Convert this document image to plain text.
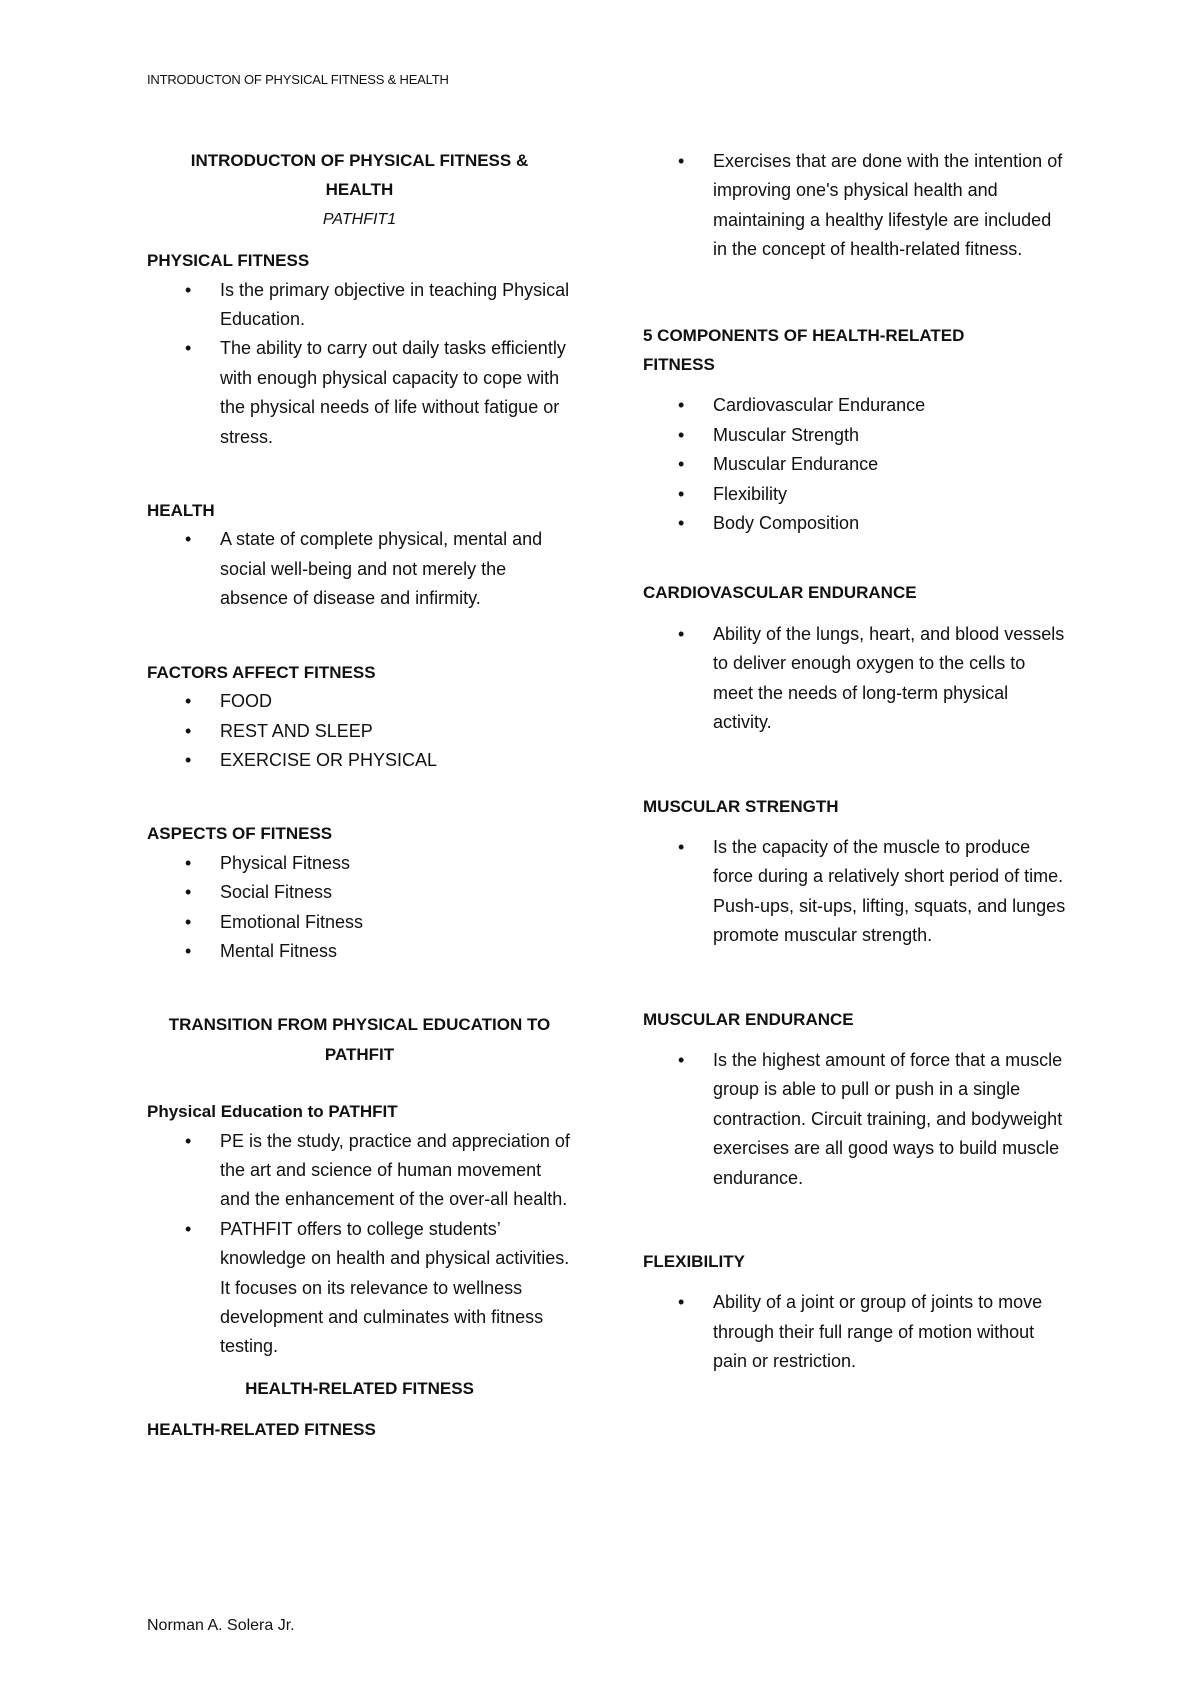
INTRODUCTON OF PHYSICAL FITNESS & HEALTH
INTRODUCTON OF PHYSICAL FITNESS &
HEALTH
PATHFIT1
PHYSICAL FITNESS
• Is the primary objective in teaching Physical Education.
• The ability to carry out daily tasks efficiently with enough physical capacity to cope with the physical needs of life without fatigue or stress.
HEALTH
• A state of complete physical, mental and social well-being and not merely the absence of disease and infirmity.
FACTORS AFFECT FITNESS
• FOOD
• REST AND SLEEP
• EXERCISE OR PHYSICAL
ASPECTS OF FITNESS
• Physical Fitness
• Social Fitness
• Emotional Fitness
• Mental Fitness
TRANSITION FROM PHYSICAL EDUCATION TO
PATHFIT
Physical Education to PATHFIT
• PE is the study, practice and appreciation of the art and science of human movement and the enhancement of the over-all health.
• PATHFIT offers to college students’ knowledge on health and physical activities. It focuses on its relevance to wellness development and culminates with fitness testing.
HEALTH-RELATED FITNESS
HEALTH-RELATED FITNESS
• Exercises that are done with the intention of improving one's physical health and maintaining a healthy lifestyle are included in the concept of health-related fitness.
5 COMPONENTS OF HEALTH-RELATED
FITNESS
• Cardiovascular Endurance
• Muscular Strength
• Muscular Endurance
• Flexibility
• Body Composition
CARDIOVASCULAR ENDURANCE
• Ability of the lungs, heart, and blood vessels to deliver enough oxygen to the cells to meet the needs of long-term physical activity.
MUSCULAR STRENGTH
• Is the capacity of the muscle to produce force during a relatively short period of time. Push-ups, sit-ups, lifting, squats, and lunges promote muscular strength.
MUSCULAR ENDURANCE
• Is the highest amount of force that a muscle group is able to pull or push in a single contraction. Circuit training, and bodyweight exercises are all good ways to build muscle endurance.
FLEXIBILITY
• Ability of a joint or group of joints to move through their full range of motion without pain or restriction.
Norman A. Solera Jr.
